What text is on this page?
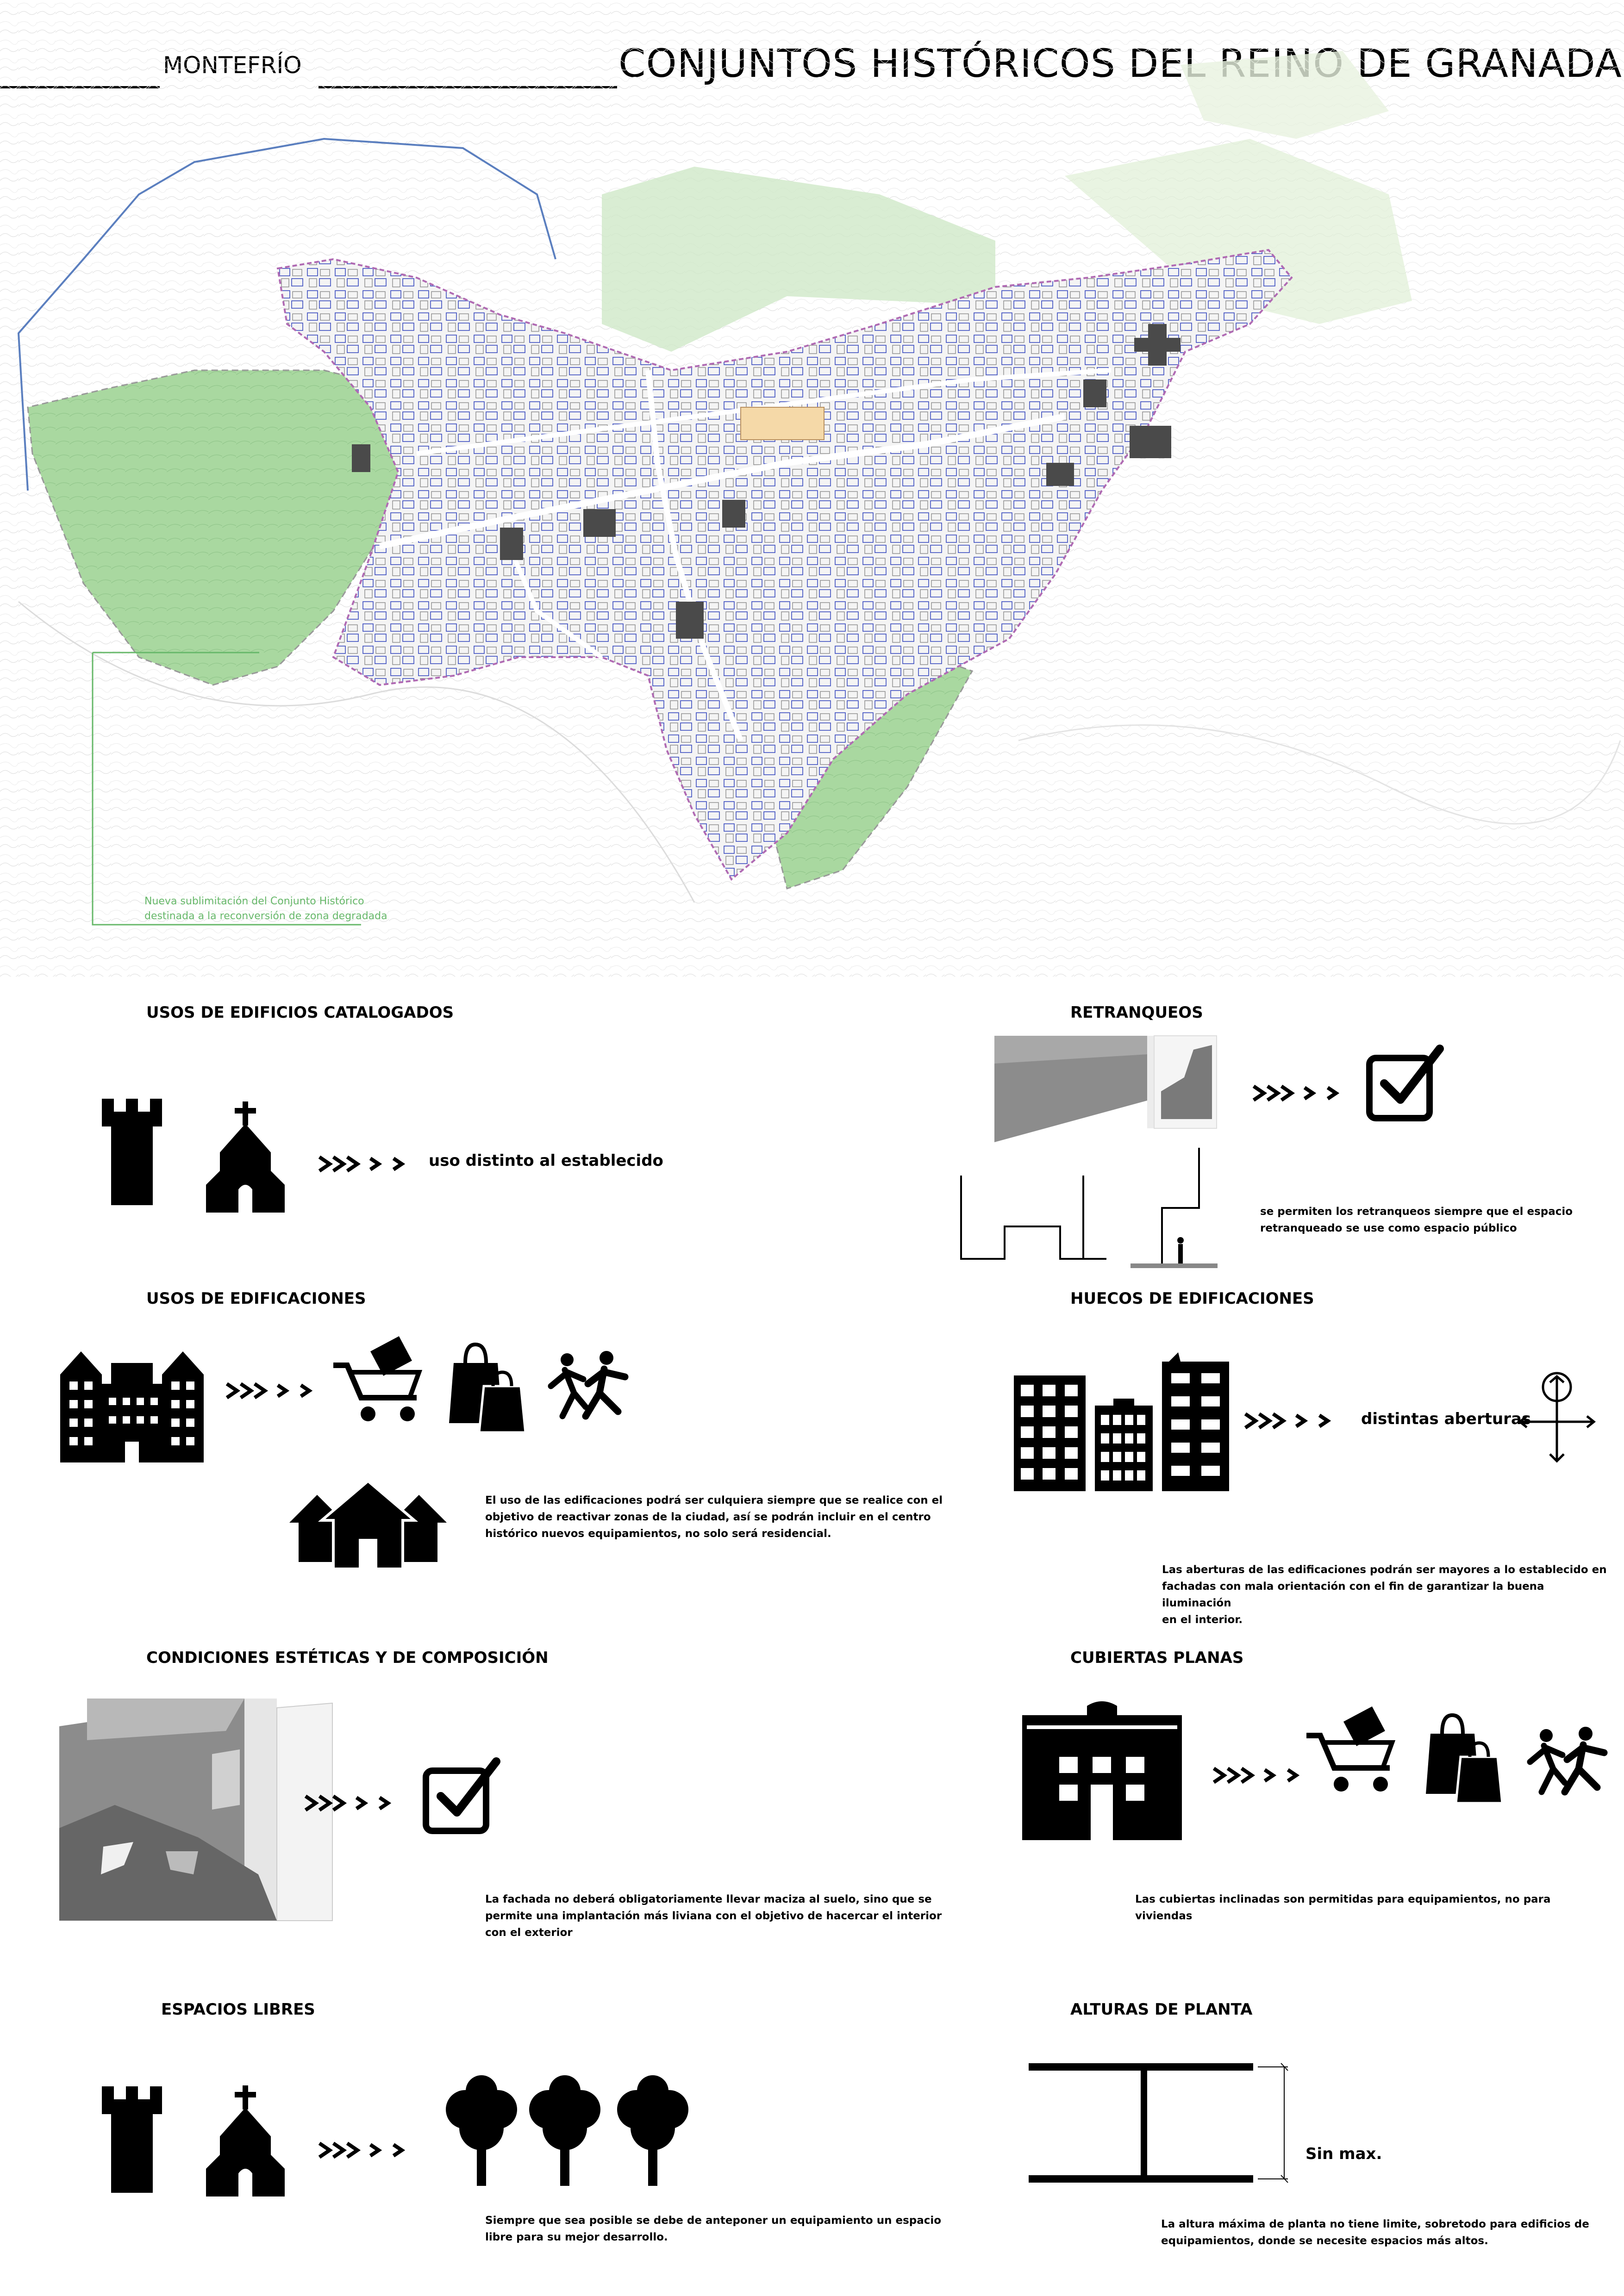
Nueva sublimitación del Conjunto Histórico
destinada a la reconversión de zona degradada
USOS DE EDIFICIOS CATALOGADOS
uso distinto al establecido
USOS DE EDIFICACIONES
El uso de las edificaciones podrá ser culquiera siempre que se realice con el
objetivo de reactivar zonas de la ciudad, así se podrán incluir en el centro
histórico nuevos equipamientos, no solo será residencial.
CONDICIONES ESTÉTICAS Y DE COMPOSICIÓN
La fachada no deberá obligatoriamente llevar maciza al suelo, sino que se
permite una implantación más liviana con el objetivo de hacercar el interior
con el exterior
ESPACIOS LIBRES
Siempre que sea posible se debe de anteponer un equipamiento un espacio
libre para su mejor desarrollo.
RETRANQUEOS
se permiten los retranqueos siempre que el espacio
retranqueado se use como espacio público
HUECOS DE EDIFICACIONES
distintas aberturas
Las aberturas de las edificaciones podrán ser mayores a lo establecido en
fachadas con mala orientación con el fin de garantizar la buena iluminación
en el interior.
CUBIERTAS PLANAS
Las cubiertas inclinadas son permitidas para equipamientos, no para
viviendas
ALTURAS DE PLANTA
Sin max.
La altura máxima de planta no tiene limite, sobretodo para edificios de
equipamientos, donde se necesite espacios más altos.
